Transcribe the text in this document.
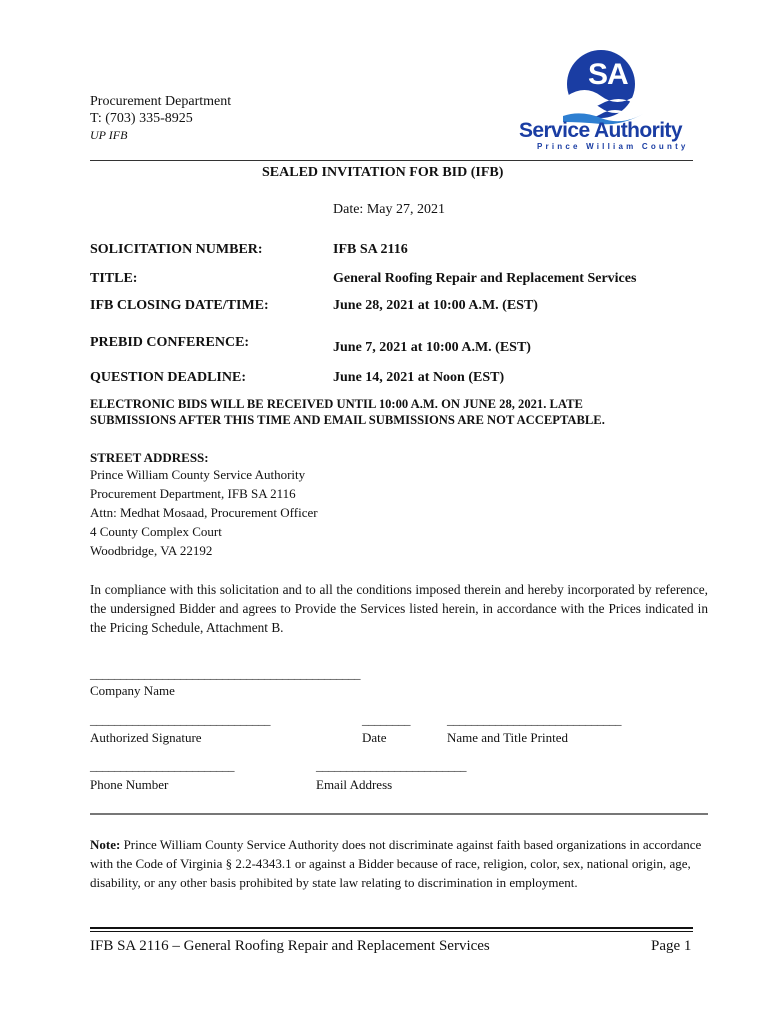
Procurement Department
T: (703) 335-8925
UP IFB
SA
Service Authority
Prince William County
SEALED INVITATION FOR BID (IFB)
Date: May 27, 2021
SOLICITATION NUMBER:	IFB SA 2116
TITLE:	General Roofing Repair and Replacement Services
IFB CLOSING DATE/TIME:	June 28, 2021 at 10:00 A.M. (EST)
PREBID CONFERENCE:	June 7, 2021 at 10:00 A.M. (EST)
QUESTION DEADLINE:	June 14, 2021 at Noon (EST)
ELECTRONIC BIDS WILL BE RECEIVED UNTIL 10:00 A.M. ON JUNE 28, 2021. LATE
SUBMISSIONS AFTER THIS TIME AND EMAIL SUBMISSIONS ARE NOT ACCEPTABLE.
STREET ADDRESS:
Prince William County Service Authority
Procurement Department, IFB SA 2116
Attn: Medhat Mosaad, Procurement Officer
4 County Complex Court
Woodbridge, VA 22192
In compliance with this solicitation and to all the conditions imposed therein and hereby incorporated by reference, the undersigned Bidder and agrees to Provide the Services listed herein, in accordance with the Prices indicated in the Pricing Schedule, Attachment B.
_____________________________________________
Company Name
______________________________	________	_____________________________
Authorized Signature	Date	Name and Title Printed
________________________	_________________________
Phone Number	Email Address
Note: Prince William County Service Authority does not discriminate against faith based organizations in accordance with the Code of Virginia § 2.2-4343.1 or against a Bidder because of race, religion, color, sex, national origin, age, disability, or any other basis prohibited by state law relating to discrimination in employment.
IFB SA 2116 – General Roofing Repair and Replacement Services	Page 1
